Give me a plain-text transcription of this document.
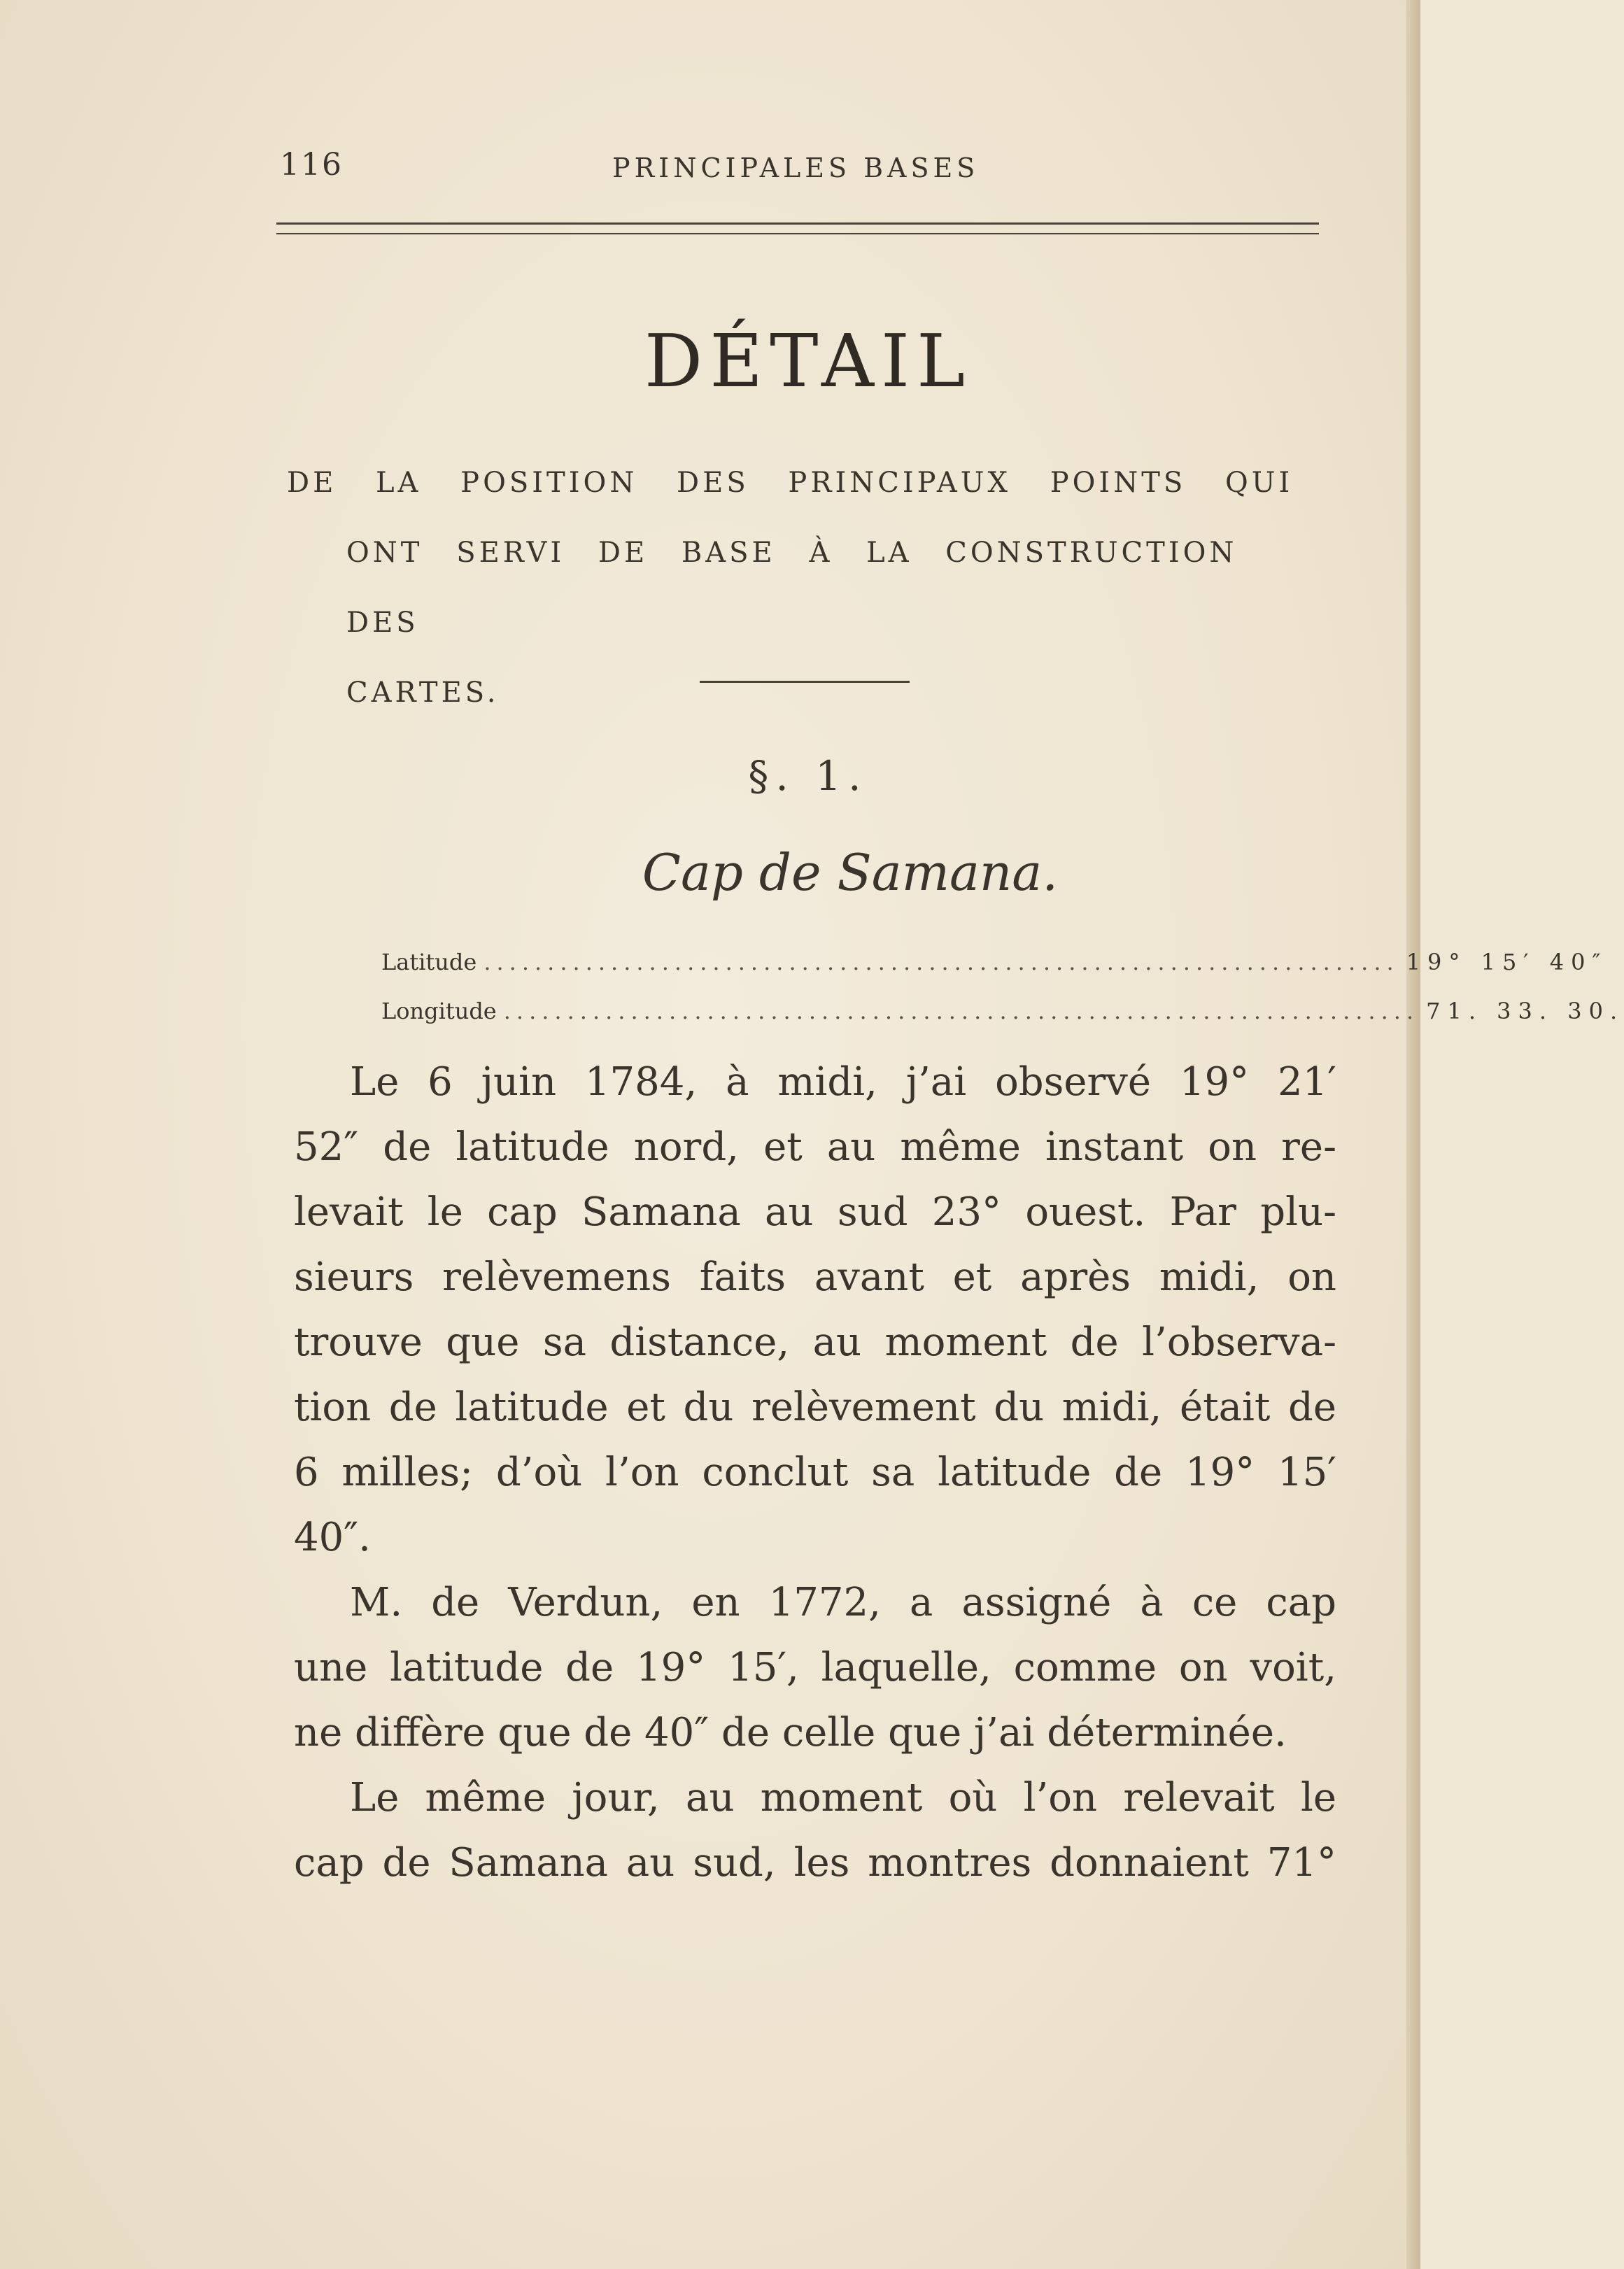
116	PRINCIPALES BASES
DÉTAIL
DE LA POSITION DES PRINCIPAUX POINTS QUI
ONT SERVI DE BASE À LA CONSTRUCTION DES
CARTES.
§. 1.
Cap de Samana.
Latitude ........................................................................ 19° 15′ 40″
Longitude ........................................................................ 71. 33. 30.

Le 6 juin 1784, à midi, j’ai observé 19° 21′
52″ de latitude nord, et au même instant on re-
levait le cap Samana au sud 23° ouest. Par plu-
sieurs relèvemens faits avant et après midi, on
trouve que sa distance, au moment de l’observa-
tion de latitude et du relèvement du midi, était de
6 milles; d’où l’on conclut sa latitude de 19° 15′
40″.

M. de Verdun, en 1772, a assigné à ce cap
une latitude de 19° 15′, laquelle, comme on voit,
ne diffère que de 40″ de celle que j’ai déterminée.

Le même jour, au moment où l’on relevait le
cap de Samana au sud, les montres donnaient 71°
